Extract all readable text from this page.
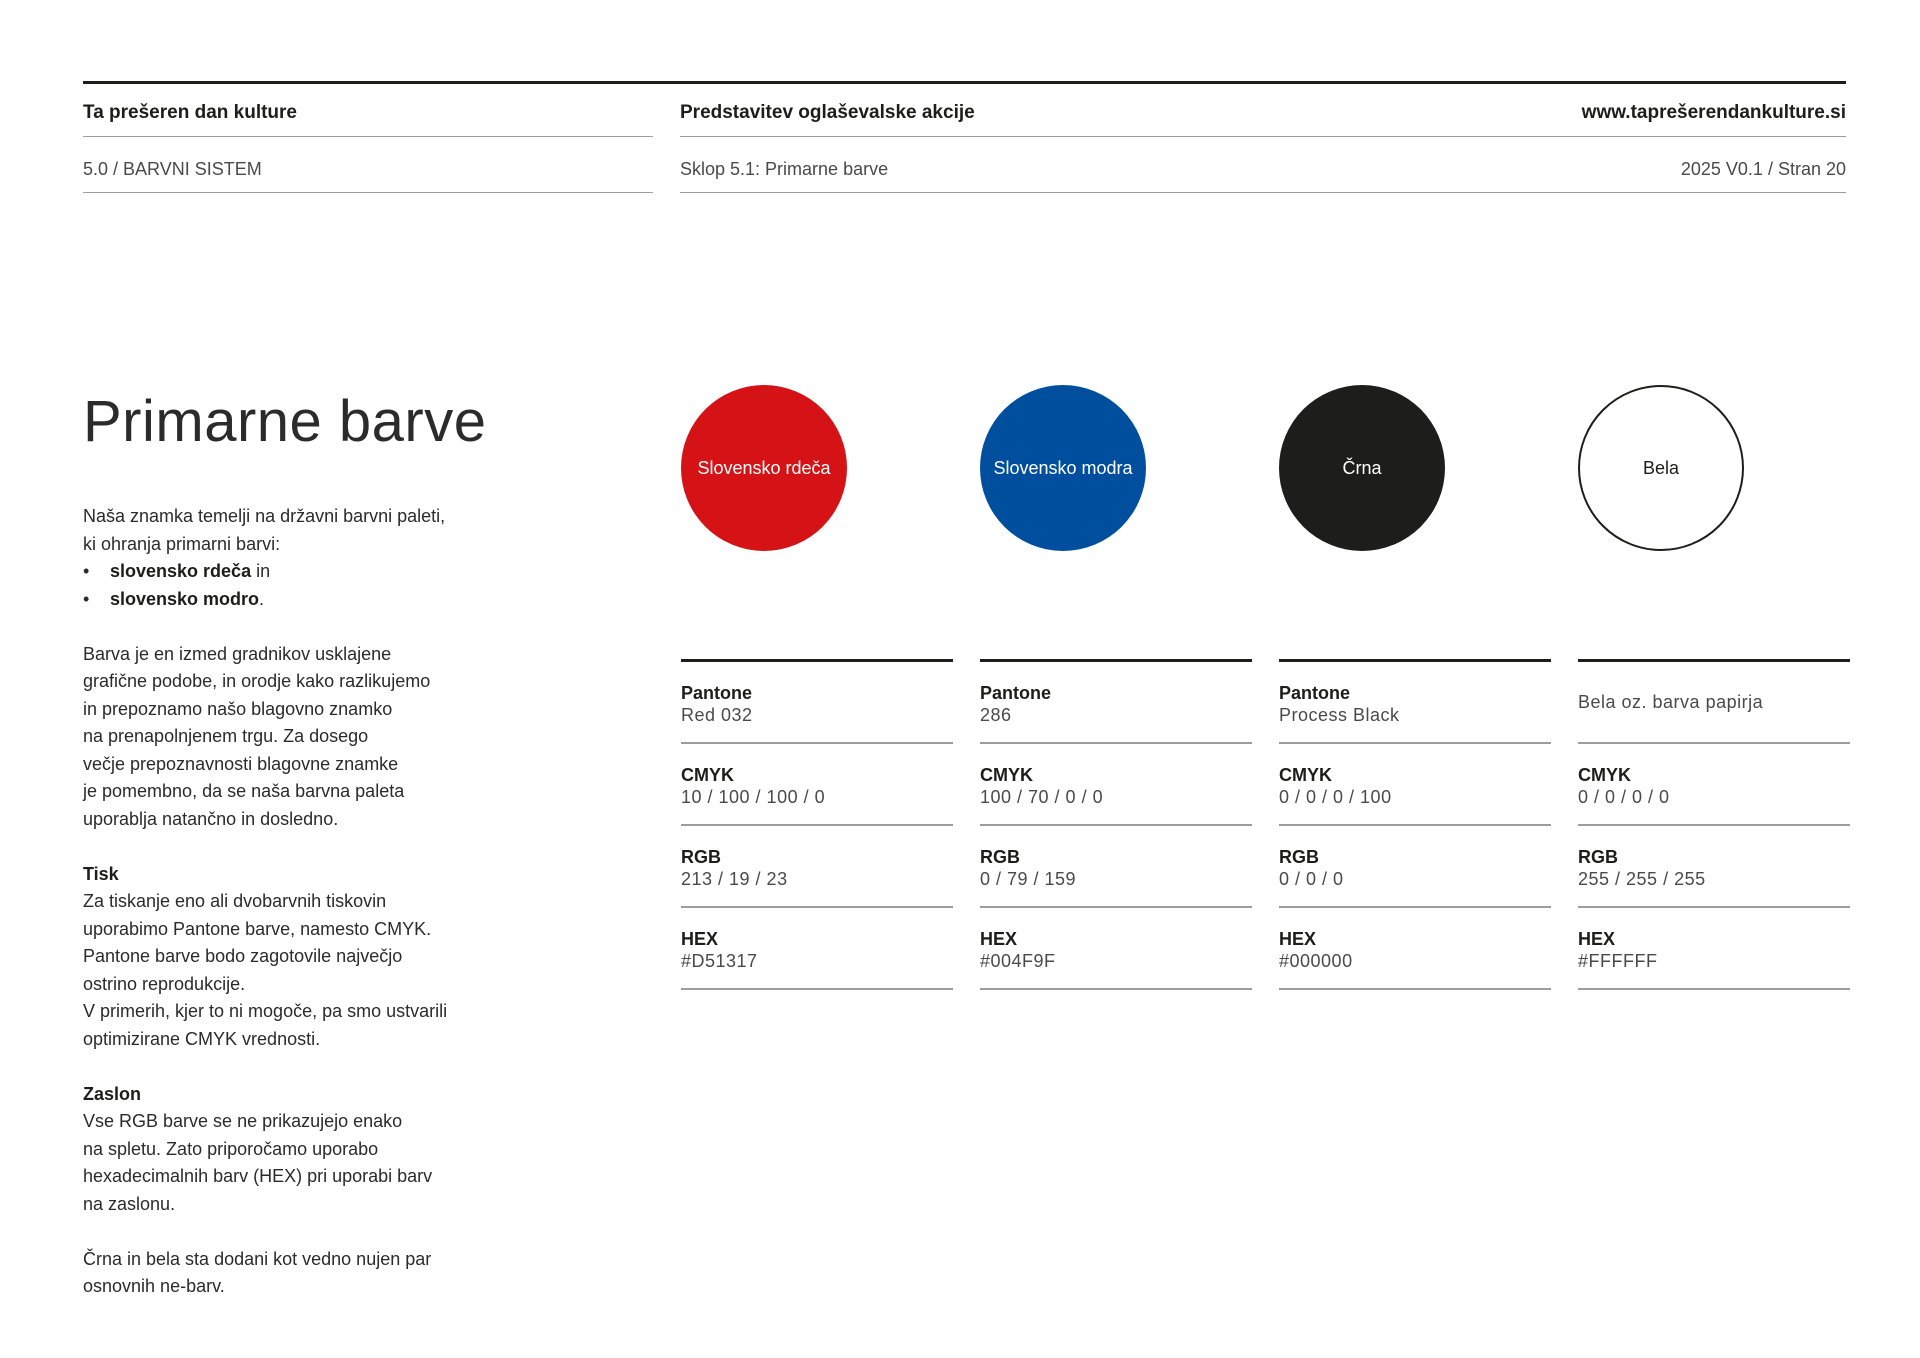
Ta prešeren dan kulture	Predstavitev oglaševalske akcije	www.taprešerendankulture.si
5.0 / BARVNI SISTEM	Sklop 5.1: Primarne barve	2025 V0.1 / Stran 20
Primarne barve

Naša znamka temelji na državni barvni paleti,

ki ohranja primarni barvi:

• slovensko rdeča in
• slovensko modro.

Barva je en izmed gradnikov usklajene

grafične podobe, in orodje kako razlikujemo

in prepoznamo našo blagovno znamko

na prenapolnjenem trgu. Za dosego

večje prepoznavnosti blagovne znamke

je pomembno, da se naša barvna paleta

uporablja natančno in dosledno.

Tisk

Za tiskanje eno ali dvobarvnih tiskovin

uporabimo Pantone barve, namesto CMYK.

Pantone barve bodo zagotovile največjo

ostrino reprodukcije.

V primerih, kjer to ni mogoče, pa smo ustvarili

optimizirane CMYK vrednosti.

Zaslon

Vse RGB barve se ne prikazujejo enako

na spletu. Zato priporočamo uporabo

hexadecimalnih barv (HEX) pri uporabi barv

na zaslonu.

Črna in bela sta dodani kot vedno nujen par

osnovnih ne-barv.

Slovensko rdeča	Slovensko modra	Črna	Bela
Pantone
Red 032
CMYK
10 / 100 / 100 / 0
RGB
213 / 19 / 23
HEX
#D51317
Pantone
286
CMYK
100 / 70 / 0 / 0
RGB
0 / 79 / 159
HEX
#004F9F
Pantone
Process Black
CMYK
0 / 0 / 0 / 100
RGB
0 / 0 / 0
HEX
#000000
Bela oz. barva papirja
CMYK
0 / 0 / 0 / 0
RGB
255 / 255 / 255
HEX
#FFFFFF
